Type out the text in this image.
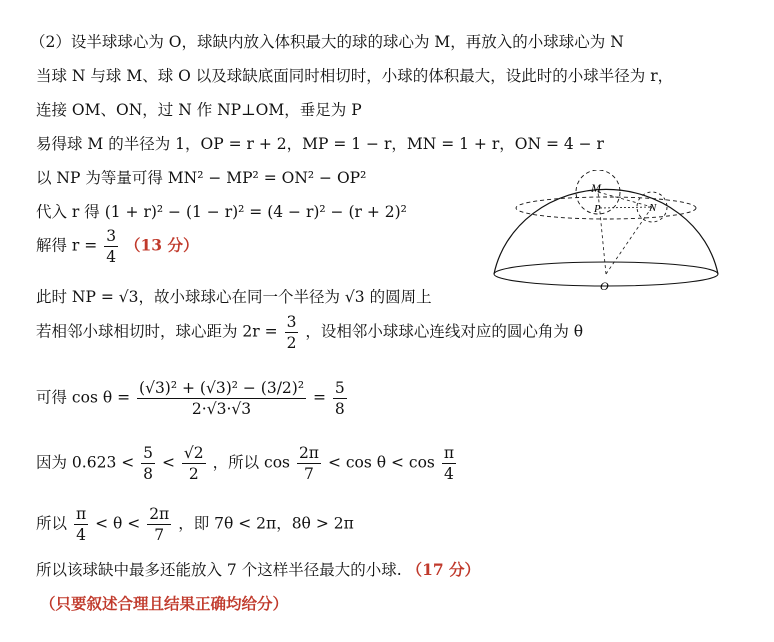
（2）设半球球心为 O，球缺内放入体积最大的球的球心为 M，再放入的小球球心为 N
当球 N 与球 M、球 O 以及球缺底面同时相切时，小球的体积最大，设此时的小球半径为 r，
连接 OM、ON，过 N 作 NP⊥OM，垂足为 P
易得球 M 的半径为 1，OP = r + 2，MP = 1 − r，MN = 1 + r，ON = 4 − r
以 NP 为等量可得 MN² − MP² = ON² − OP²
代入 r 得 (1 + r)² − (1 − r)² = (4 − r)² − (r + 2)²
解得 $r = \frac{3}{4} (13$ 分）
此时 NP = √3，故小球球心在同一个半径为 √3 的圆周上
若相邻小球相切时，球心距为 $2r = \frac{3}{2}$ ，设相邻小球球心连线对应的圆心角为 θ
可得 $\cos \theta = \frac{\text{(√3)² + (√3)² − (3/2)²}}{2\cdot√3\cdot√3} = \frac{5}{8}$
因为 $0.623 < \frac{5}{8} < \frac{√2}{2}$ ，所以 $\cos \frac{2\pi}{7} < \cos \theta < \cos \frac{\pi}{4}$
所以 $\frac{\pi}{4} < \theta < \frac{2\pi}{7}$ ，即 7θ < 2π，8θ > 2π
所以该球缺中最多还能放入 7 个这样半径最大的小球. （17 分）
（只要叙述合理且结果正确均给分）
M
P	N
O
